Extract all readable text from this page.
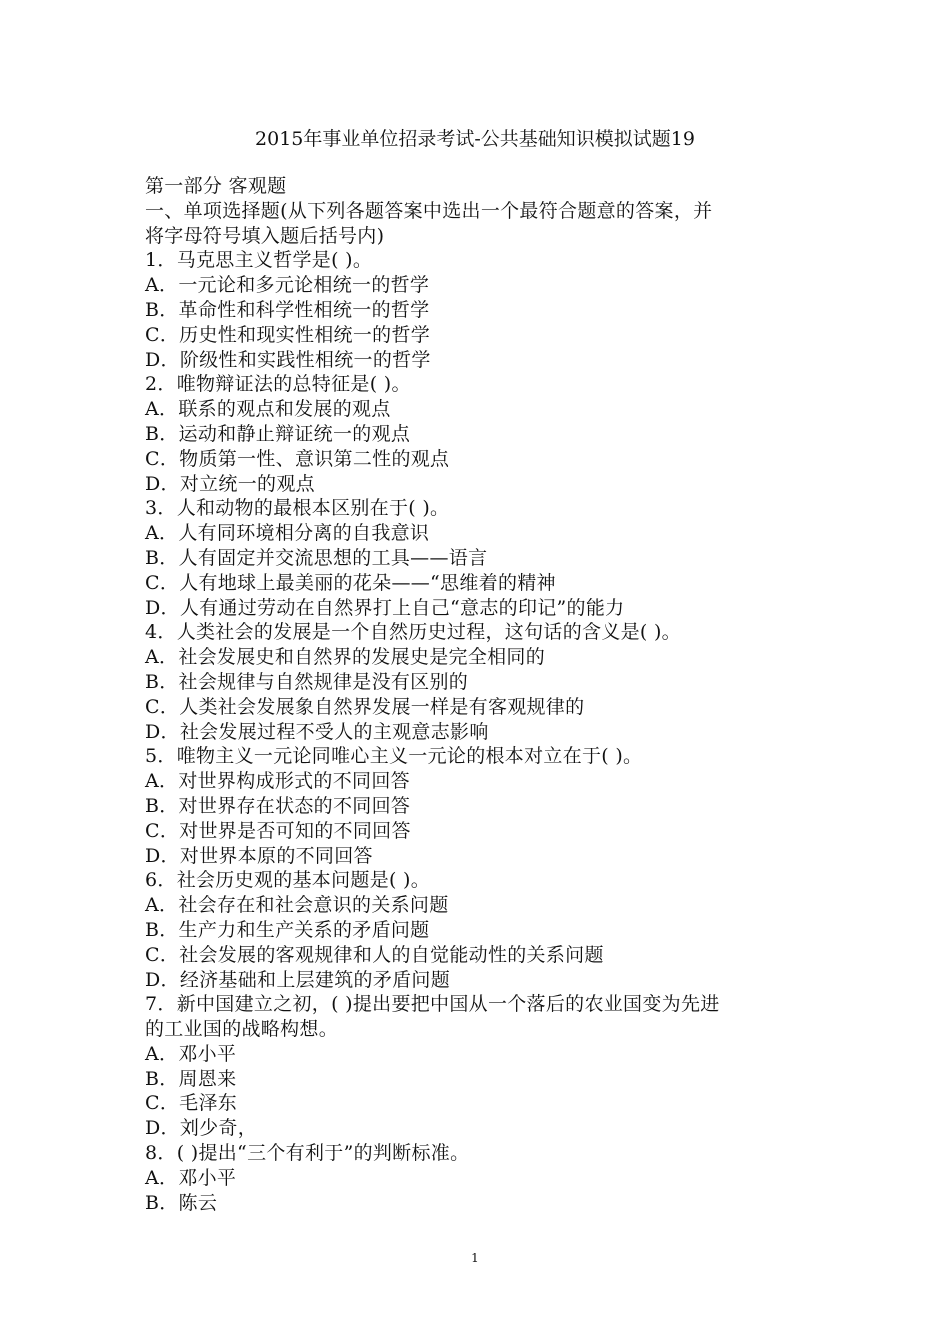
2015年事业单位招录考试-公共基础知识模拟试题19
第一部分 客观题
一、单项选择题(从下列各题答案中选出一个最符合题意的答案，并
将字母符号填入题后括号内)
1．马克思主义哲学是( )。
A．一元论和多元论相统一的哲学
B．革命性和科学性相统一的哲学
C．历史性和现实性相统一的哲学
D．阶级性和实践性相统一的哲学
2．唯物辩证法的总特征是( )。
A．联系的观点和发展的观点
B．运动和静止辩证统一的观点
C．物质第一性、意识第二性的观点
D．对立统一的观点
3．人和动物的最根本区别在于( )。
A．人有同环境相分离的自我意识
B．人有固定并交流思想的工具——语言
C．人有地球上最美丽的花朵——“思维着的精神
D．人有通过劳动在自然界打上自己“意志的印记”的能力
4．人类社会的发展是一个自然历史过程，这句话的含义是( )。
A．社会发展史和自然界的发展史是完全相同的
B．社会规律与自然规律是没有区别的
C．人类社会发展象自然界发展一样是有客观规律的
D．社会发展过程不受人的主观意志影响
5．唯物主义一元论同唯心主义一元论的根本对立在于( )。
A．对世界构成形式的不同回答
B．对世界存在状态的不同回答
C．对世界是否可知的不同回答
D．对世界本原的不同回答
6．社会历史观的基本问题是( )。
A．社会存在和社会意识的关系问题
B．生产力和生产关系的矛盾问题
C．社会发展的客观规律和人的自觉能动性的关系问题
D．经济基础和上层建筑的矛盾问题
7．新中国建立之初，( )提出要把中国从一个落后的农业国变为先进
的工业国的战略构想。
A．邓小平
B．周恩来
C．毛泽东
D．刘少奇，
8．( )提出“三个有利于”的判断标准。
A．邓小平
B．陈云
1
